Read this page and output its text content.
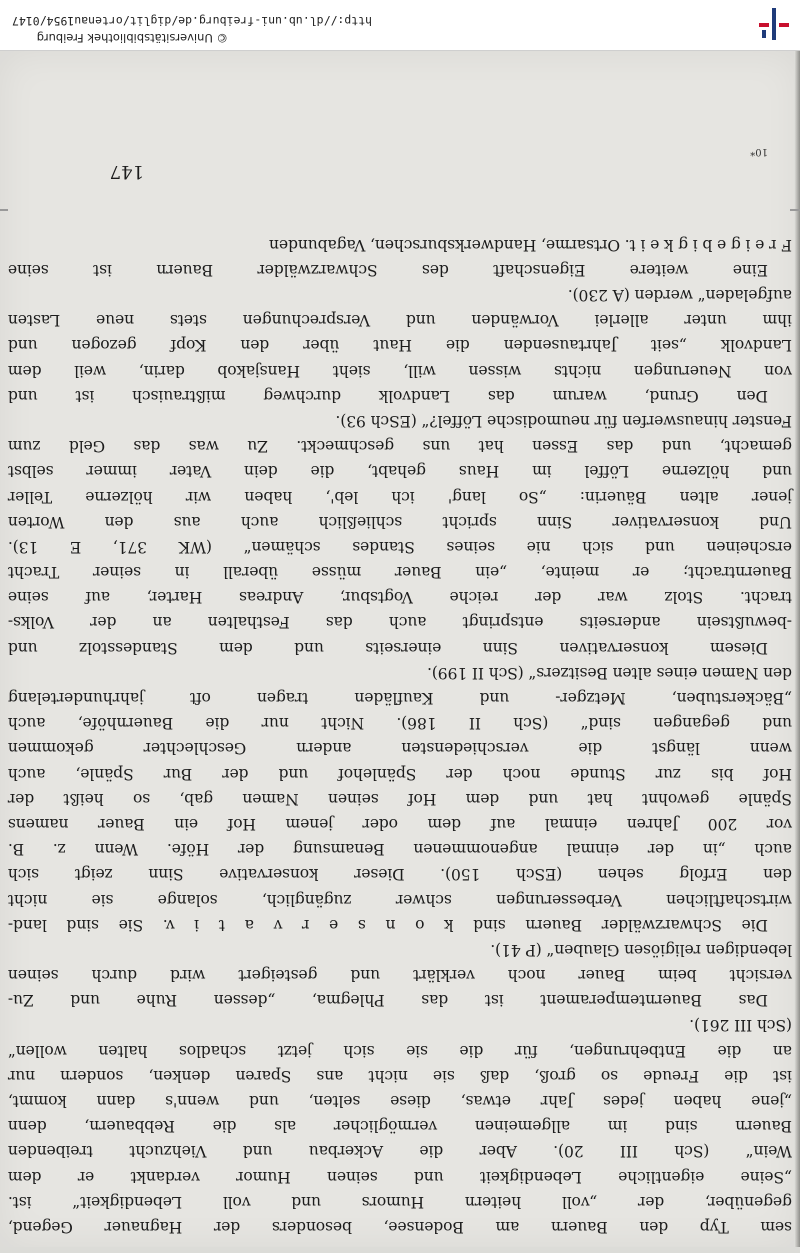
sem Typ den Bauern am Bodensee, besonders der Hagnauer Gegend,
gegenüber, der „voll heitern Humors und voll Lebendigkeit“ ist.
„Seine eigentliche Lebendigkeit und seinen Humor verdankt er dem
Wein“ (Sch III 20). Aber die Ackerbau und Viehzucht treibenden
Bauern sind im allgemeinen vermöglicher als die Rebbauern, denn
„jene haben jedes Jahr etwas, diese selten, und wenn's dann kommt,
ist die Freude so groß, daß sie nicht ans Sparen denken, sondern nur
an die Entbehrungen, für die sie sich jetzt schadlos halten wollen“
(Sch III 261).
Das Bauerntemperament ist das Phlegma, „dessen Ruhe und Zu-
versicht beim Bauer noch verklärt und gesteigert wird durch seinen
lebendigen religiösen Glauben“ (P 41).
Die Schwarzwälder Bauern sind k o n s e r v a t i v. Sie sind land-
wirtschaftlichen Verbesserungen schwer zugänglich, solange sie nicht
den Erfolg sehen (ESch 150). Dieser konservative Sinn zeigt sich
auch „in der einmal angenommenen Benamsung der Höfe. Wenn z. B.
vor 200 Jahren einmal auf dem oder jenem Hof ein Bauer namens
Spänle gewohnt hat und dem Hof seinen Namen gab, so heißt der
Hof bis zur Stunde noch der Spänlehof und der Bur Spänle, auch
wenn längst die verschiedensten andern Geschlechter gekommen
und gegangen sind“ (Sch II 186). Nicht nur die Bauernhöfe, auch
„Bäckerstuben, Metzger- und Kaufläden tragen oft jahrhundertelang
den Namen eines alten Besitzers“ (Sch II 199).
Diesem konservativen Sinn einerseits und dem Standesstolz und
-bewußtsein anderseits entspringt auch das Festhalten an der Volks-
tracht. Stolz war der reiche Vogtsbur, Andreas Harter, auf seine
Bauerntracht; er meinte, „ein Bauer müsse überall in seiner Tracht
erscheinen und sich nie seines Standes schämen“ (WK 371, E 13).
Und konservativer Sinn spricht schließlich auch aus den Worten
jener alten Bäuerin: „So lang' ich leb', haben wir hölzerne Teller
und hölzerne Löffel im Haus gehabt, die dein Vater immer selbst
gemacht, und das Essen hat uns geschmeckt. Zu was das Geld zum
Fenster hinauswerfen für neumodische Löffel?“ (ESch 93).
Den Grund, warum das Landvolk durchweg mißtrauisch ist und
von Neuerungen nichts wissen will, sieht Hansjakob darin, weil dem
Landvolk „seit Jahrtausenden die Haut über den Kopf gezogen und
ihm unter allerlei Vorwänden und Versprechungen stets neue Lasten
aufgeladen“ werden (A 230).
Eine weitere Eigenschaft des Schwarzwälder Bauern ist seine
F r e i g e b i g k e i t. Ortsarme, Handwerksburschen, Vagabunden
10*
147
© Universitätsbibliothek Freiburg
http://dl.ub.uni-freiburg.de/diglit/ortenau1954/0147
